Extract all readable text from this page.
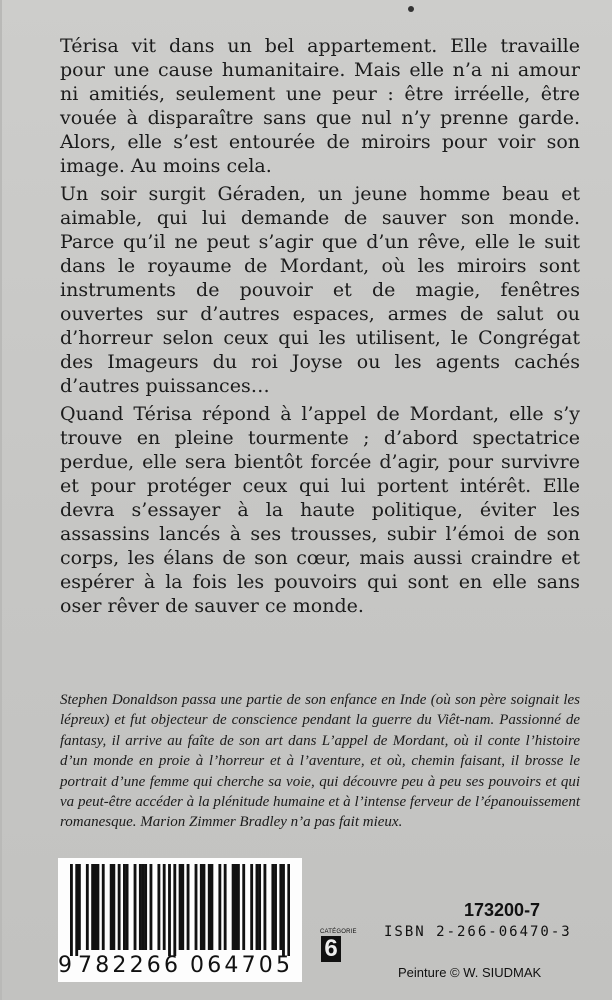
Térisa vit dans un bel appartement. Elle travaille pour une cause humanitaire. Mais elle n’a ni amour ni amitiés, seulement une peur : être irréelle, être vouée à disparaître sans que nul n’y prenne garde. Alors, elle s’est entourée de miroirs pour voir son image. Au moins cela.

Un soir surgit Géraden, un jeune homme beau et aimable, qui lui demande de sauver son monde. Parce qu’il ne peut s’agir que d’un rêve, elle le suit dans le royaume de Mordant, où les miroirs sont instruments de pouvoir et de magie, fenêtres ouvertes sur d’autres espaces, armes de salut ou d’horreur selon ceux qui les utilisent, le Congrégat des Imageurs du roi Joyse ou les agents cachés d’autres puissances…

Quand Térisa répond à l’appel de Mordant, elle s’y trouve en pleine tourmente ; d’abord spectatrice perdue, elle sera bientôt forcée d’agir, pour survivre et pour protéger ceux qui lui portent intérêt. Elle devra s’essayer à la haute politique, éviter les assassins lancés à ses trousses, subir l’émoi de son corps, les élans de son cœur, mais aussi craindre et espérer à la fois les pouvoirs qui sont en elle sans oser rêver de sauver ce monde.

Stephen Donaldson passa une partie de son enfance en Inde (où son père soignait les lépreux) et fut objecteur de conscience pendant la guerre du Viêt-nam. Passionné de fantasy, il arrive au faîte de son art dans L’appel de Mordant, où il conte l’histoire d’un monde en proie à l’horreur et à l’aventure, et où, chemin faisant, il brosse le portrait d’une femme qui cherche sa voie, qui découvre peu à peu ses pouvoirs et qui va peut-être accéder à la plénitude humaine et à l’intense ferveur de l’épanouissement romanesque. Marion Zimmer Bradley n’a pas fait mieux.

9 782266 064705
CATÉGORIE
6
173200-7
ISBN 2-266-06470-3
Peinture © W. SIUDMAK
